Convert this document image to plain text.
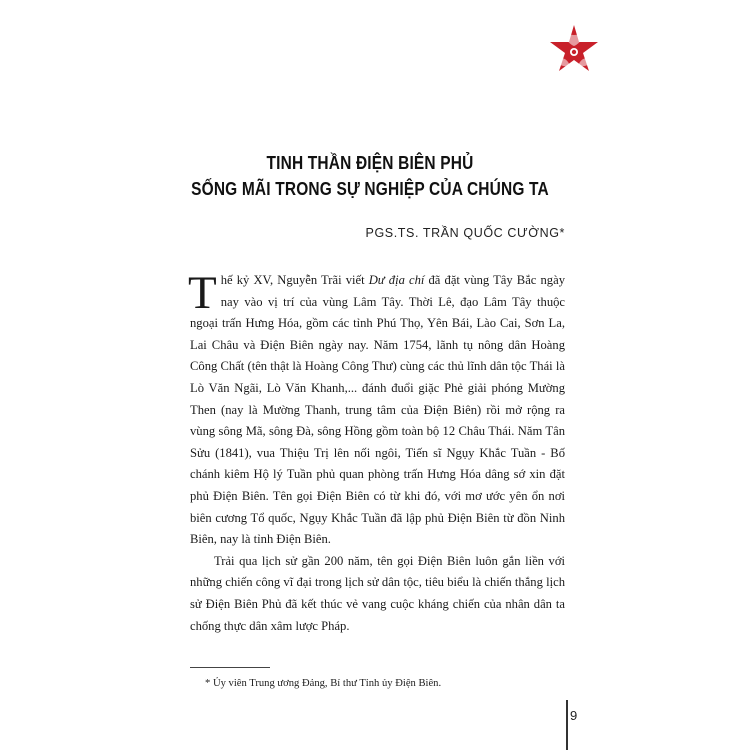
TINH THẦN ĐIỆN BIÊN PHỦ
SỐNG MÃI TRONG SỰ NGHIỆP CỦA CHÚNG TA
PGS.TS. TRẦN QUỐC CƯỜNG*

Thế kỷ XV, Nguyễn Trãi viết Dư địa chí đã đặt vùng Tây Bắc ngày nay vào vị trí của vùng Lâm Tây. Thời Lê, đạo Lâm Tây thuộc ngoại trấn Hưng Hóa, gồm các tỉnh Phú Thọ, Yên Bái, Lào Cai, Sơn La, Lai Châu và Điện Biên ngày nay. Năm 1754, lãnh tụ nông dân Hoàng Công Chất (tên thật là Hoàng Công Thư) cùng các thủ lĩnh dân tộc Thái là Lò Văn Ngãi, Lò Văn Khanh,... đánh đuổi giặc Phẻ giải phóng Mường Then (nay là Mường Thanh, trung tâm của Điện Biên) rồi mở rộng ra vùng sông Mã, sông Đà, sông Hồng gồm toàn bộ 12 Châu Thái. Năm Tân Sửu (1841), vua Thiệu Trị lên nối ngôi, Tiến sĩ Ngụy Khắc Tuần - Bố chánh kiêm Hộ lý Tuần phủ quan phòng trấn Hưng Hóa dâng sớ xin đặt phủ Điện Biên. Tên gọi Điện Biên có từ khi đó, với mơ ước yên ổn nơi biên cương Tổ quốc, Ngụy Khắc Tuần đã lập phủ Điện Biên từ đồn Ninh Biên, nay là tỉnh Điện Biên.

Trải qua lịch sử gần 200 năm, tên gọi Điện Biên luôn gắn liền với những chiến công vĩ đại trong lịch sử dân tộc, tiêu biểu là chiến thắng lịch sử Điện Biên Phủ đã kết thúc vẻ vang cuộc kháng chiến của nhân dân ta chống thực dân xâm lược Pháp.

* Ủy viên Trung ương Đảng, Bí thư Tỉnh ủy Điện Biên.
9
